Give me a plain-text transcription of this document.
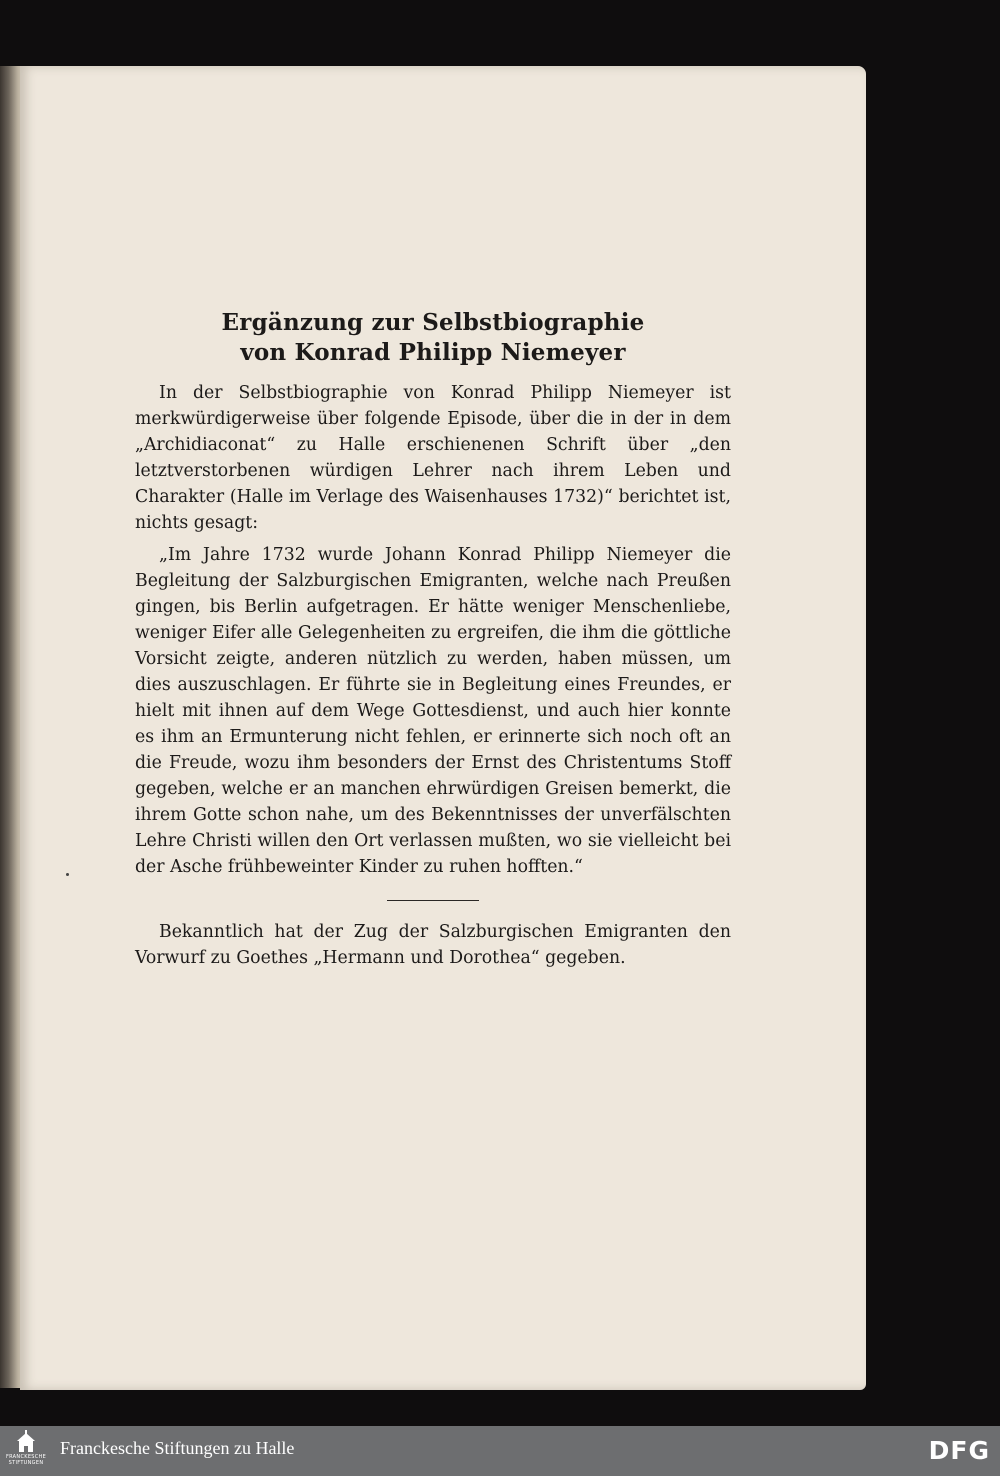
Ergänzung zur Selbstbiographie
von Konrad Philipp Niemeyer

In der Selbstbiographie von Konrad Philipp Niemeyer ist merkwürdigerweise über folgende Episode, über die in der in dem „Archidiaconat“ zu Halle erschienenen Schrift über „den letztverstorbenen würdigen Lehrer nach ihrem Leben und Charakter (Halle im Verlage des Waisenhauses 1732)“ berichtet ist, nichts gesagt:

„Im Jahre 1732 wurde Johann Konrad Philipp Niemeyer die Begleitung der Salzburgischen Emigranten, welche nach Preußen gingen, bis Berlin aufgetragen. Er hätte weniger Menschenliebe, weniger Eifer alle Gelegenheiten zu ergreifen, die ihm die göttliche Vorsicht zeigte, anderen nützlich zu werden, haben müssen, um dies auszuschlagen. Er führte sie in Begleitung eines Freundes, er hielt mit ihnen auf dem Wege Gottesdienst, und auch hier konnte es ihm an Ermunterung nicht fehlen, er erinnerte sich noch oft an die Freude, wozu ihm besonders der Ernst des Christentums Stoff gegeben, welche er an manchen ehrwürdigen Greisen bemerkt, die ihrem Gotte schon nahe, um des Bekenntnisses der unverfälschten Lehre Christi willen den Ort verlassen mußten, wo sie vielleicht bei der Asche frühbeweinter Kinder zu ruhen hofften.“

Bekanntlich hat der Zug der Salzburgischen Emigranten den Vorwurf zu Goethes „Hermann und Dorothea“ gegeben.

FRANCKESCHE
STIFTUNGEN
Franckesche Stiftungen zu Halle	DFG
